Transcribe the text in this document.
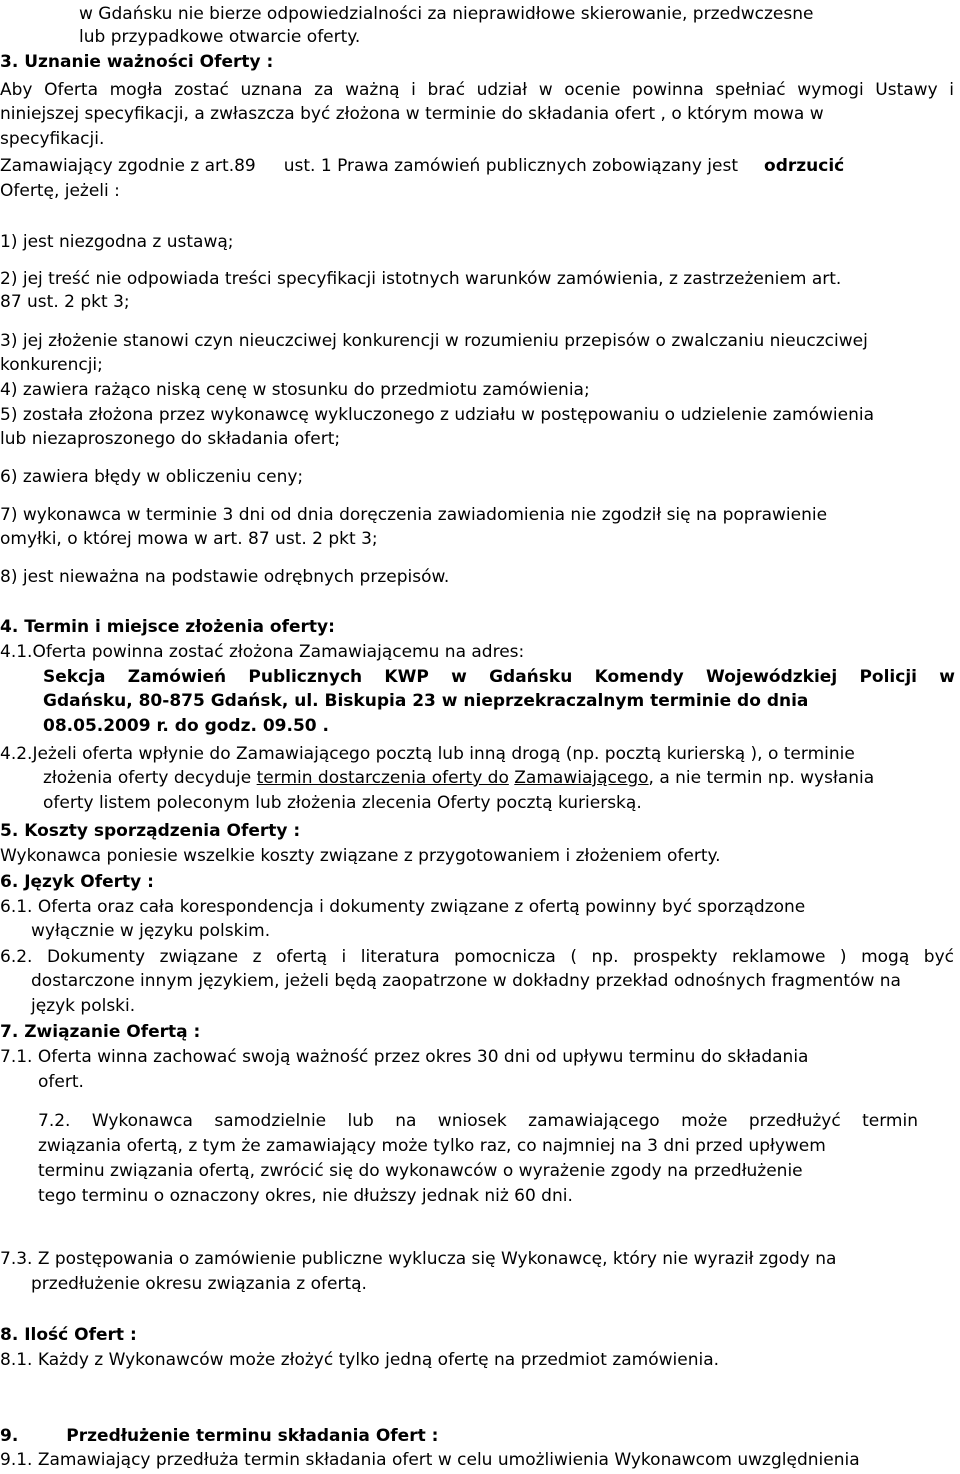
w Gdańsku nie bierze odpowiedzialności za nieprawidłowe skierowanie, przedwczesne

lub przypadkowe otwarcie oferty.

3. Uznanie ważności Oferty :

Aby Oferta mogła zostać uznana za ważną i brać udział w ocenie powinna spełniać wymogi Ustawy i

niniejszej specyfikacji, a zwłaszcza być złożona w terminie do składania ofert , o którym mowa w

specyfikacji.

Zamawiający zgodnie z art.89 ust. 1 Prawa zamówień publicznych zobowiązany jest odrzucić

Ofertę, jeżeli :

1) jest niezgodna z ustawą;

2) jej treść nie odpowiada treści specyfikacji istotnych warunków zamówienia, z zastrzeżeniem art.

87 ust. 2 pkt 3;

3) jej złożenie stanowi czyn nieuczciwej konkurencji w rozumieniu przepisów o zwalczaniu nieuczciwej

konkurencji;

4) zawiera rażąco niską cenę w stosunku do przedmiotu zamówienia;

5) została złożona przez wykonawcę wykluczonego z udziału w postępowaniu o udzielenie zamówienia

lub niezaproszonego do składania ofert;

6) zawiera błędy w obliczeniu ceny;

7) wykonawca w terminie 3 dni od dnia doręczenia zawiadomienia nie zgodził się na poprawienie

omyłki, o której mowa w art. 87 ust. 2 pkt 3;

8) jest nieważna na podstawie odrębnych przepisów.

4. Termin i miejsce złożenia oferty:

4.1.Oferta powinna zostać złożona Zamawiającemu na adres:

Sekcja Zamówień Publicznych KWP w Gdańsku Komendy Wojewódzkiej Policji w

Gdańsku, 80-875 Gdańsk, ul. Biskupia 23 w nieprzekraczalnym terminie do dnia

08.05.2009 r. do godz. 09.50 .

4.2.Jeżeli oferta wpłynie do Zamawiającego pocztą lub inną drogą (np. pocztą kurierską ), o terminie

złożenia oferty decyduje termin dostarczenia oferty do Zamawiającego, a nie termin np. wysłania

oferty listem poleconym lub złożenia zlecenia Oferty pocztą kurierską.

5. Koszty sporządzenia Oferty :

Wykonawca poniesie wszelkie koszty związane z przygotowaniem i złożeniem oferty.

6. Język Oferty :

6.1. Oferta oraz cała korespondencja i dokumenty związane z ofertą powinny być sporządzone

wyłącznie w języku polskim.

6.2. Dokumenty związane z ofertą i literatura pomocnicza ( np. prospekty reklamowe ) mogą być

dostarczone innym językiem, jeżeli będą zaopatrzone w dokładny przekład odnośnych fragmentów na

język polski.

7. Związanie Ofertą :

7.1. Oferta winna zachować swoją ważność przez okres 30 dni od upływu terminu do składania

ofert.

7.2. Wykonawca samodzielnie lub na wniosek zamawiającego może przedłużyć termin

związania ofertą, z tym że zamawiający może tylko raz, co najmniej na 3 dni przed upływem

terminu związania ofertą, zwrócić się do wykonawców o wyrażenie zgody na przedłużenie

tego terminu o oznaczony okres, nie dłuższy jednak niż 60 dni.

7.3. Z postępowania o zamówienie publiczne wyklucza się Wykonawcę, który nie wyraził zgody na

przedłużenie okresu związania z ofertą.

8. Ilość Ofert :

8.1. Każdy z Wykonawców może złożyć tylko jedną ofertę na przedmiot zamówienia.

9.	Przedłużenie terminu składania Ofert :

9.1. Zamawiający przedłuża termin składania ofert w celu umożliwienia Wykonawcom uwzględnienia
